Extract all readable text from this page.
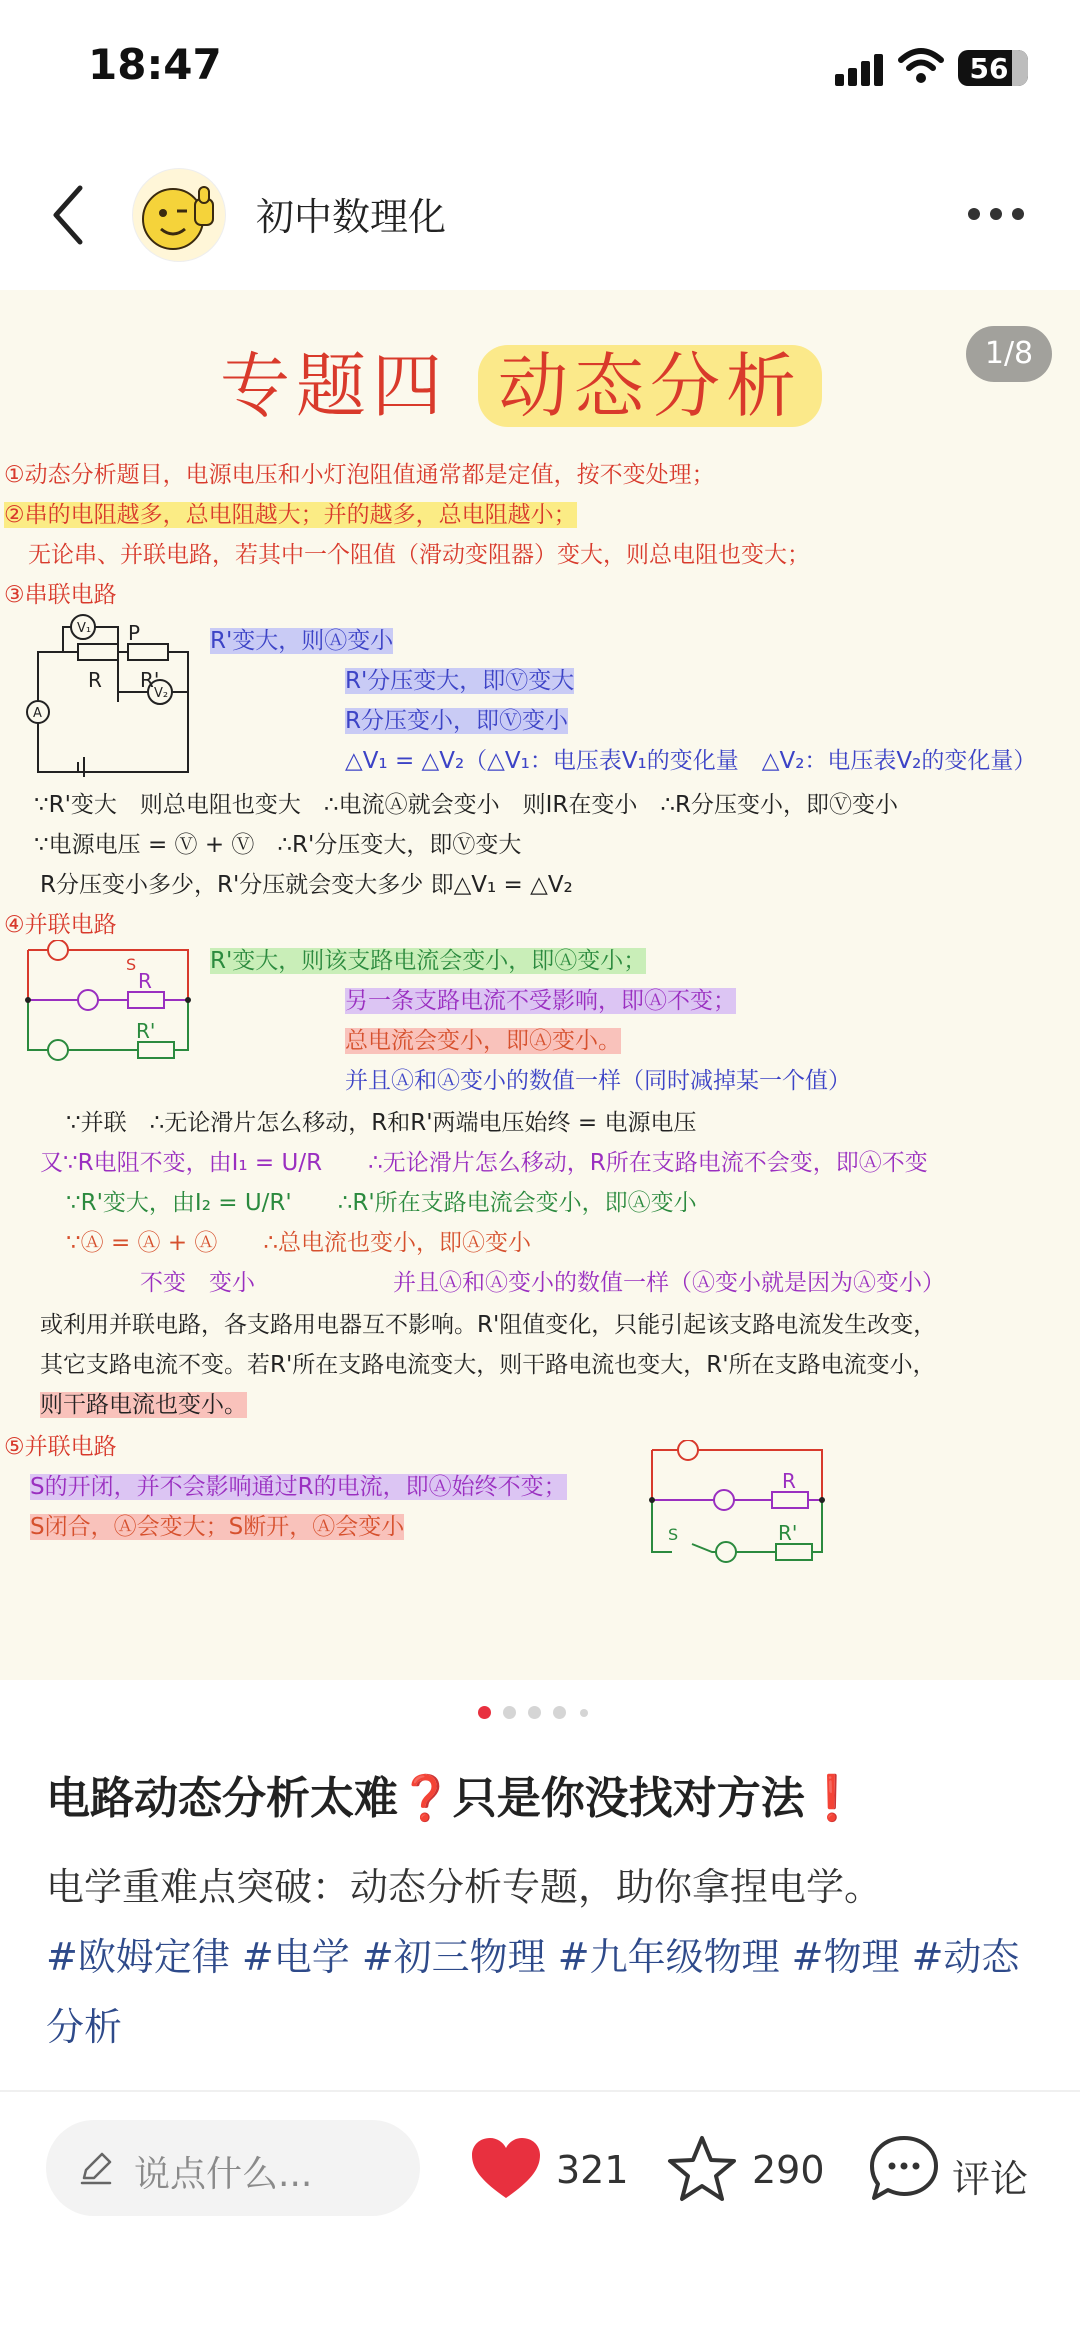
18:47	56
初中数理化
1/8
专题四 动态分析
①动态分析题目，电源电压和小灯泡阻值通常都是定值，按不变处理；
②串的电阻越多，总电阻越大；并的越多，总电阻越小；
无论串、并联电路，若其中一个阻值（滑动变阻器）变大，则总电阻也变大；
③串联电路
V₁
V₂
A
R R'
P	R'变大，则Ⓐ变小
R'分压变大，即Ⓥ变大
R分压变小，即Ⓥ变小
△V₁ = △V₂（△V₁：电压表V₁的变化量　△V₂：电压表V₂的变化量）
∵R'变大　则总电阻也变大　∴电流Ⓐ就会变小　则IR在变小　∴R分压变小，即Ⓥ变小
∵电源电压 = Ⓥ + Ⓥ　∴R'分压变大，即Ⓥ变大
R分压变小多少，R'分压就会变大多少 即△V₁ = △V₂
④并联电路
R
R'
S	R'变大，则该支路电流会变小，即Ⓐ变小；
另一条支路电流不受影响，即Ⓐ不变；
总电流会变小，即Ⓐ变小。
并且Ⓐ和Ⓐ变小的数值一样（同时减掉某一个值）
∵并联　∴无论滑片怎么移动，R和R'两端电压始终 = 电源电压
又∵R电阻不变，由I₁ = U/R　　∴无论滑片怎么移动，R所在支路电流不会变，即Ⓐ不变
∵R'变大，由I₂ = U/R'　　∴R'所在支路电流会变小，即Ⓐ变小
∵Ⓐ = Ⓐ + Ⓐ　　∴总电流也变小，即Ⓐ变小
不变　变小　　　　　　并且Ⓐ和Ⓐ变小的数值一样（Ⓐ变小就是因为Ⓐ变小）
或利用并联电路，各支路用电器互不影响。R'阻值变化，只能引起该支路电流发生改变，
其它支路电流不变。若R'所在支路电流变大，则干路电流也变大，R'所在支路电流变小，
则干路电流也变小。
⑤并联电路
S的开闭，并不会影响通过R的电流，即Ⓐ始终不变；
S闭合，Ⓐ会变大；S断开，Ⓐ会变小
R
R'
S
电路动态分析太难❓只是你没找对方法❗
电学重难点突破：动态分析专题，助你拿捏电学。
#欧姆定律 #电学 #初三物理 #九年级物理 #物理 #动态分析
说点什么...	321	290	评论
